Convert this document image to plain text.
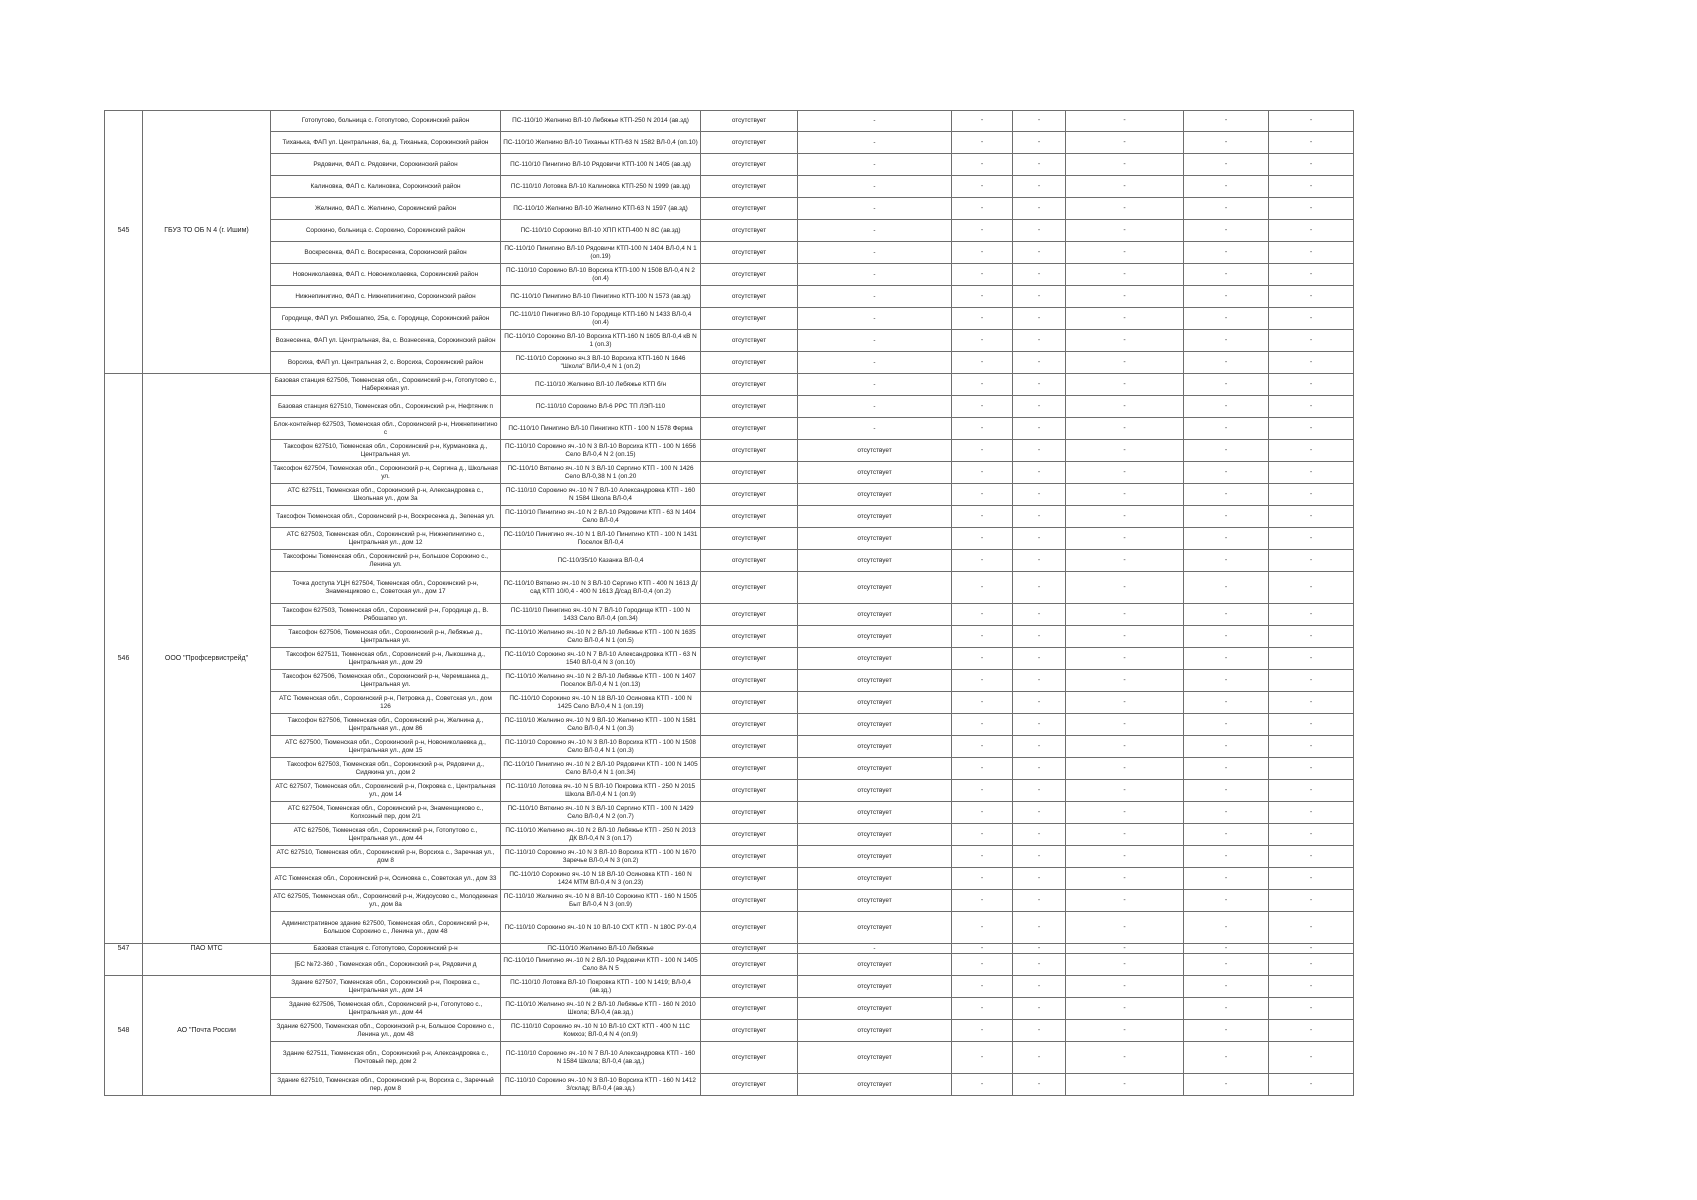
		Готопутово, больница с. Готопутово, Сорокинский район	ПС-110/10 Желнино ВЛ-10 Лебяжье КТП-250 N 2014 (ав.зд)	отсутствует	-	-	-	-	-	-
		Тиханька, ФАП ул. Центральная, 6а, д. Тиханька, Сорокинский район	ПС-110/10 Желнино ВЛ-10 Тиханьы КТП-63 N 1582 ВЛ-0,4 (оп.10)	отсутствует	-	-	-	-	-	-
		Рядовичи, ФАП с. Рядовичи, Сорокинский район	ПС-110/10 Пинигино ВЛ-10 Рядовичи КТП-100 N 1405 (ав.зд)	отсутствует	-	-	-	-	-	-
		Калиновка, ФАП с. Калиновка, Сорокинский район	ПС-110/10 Лотовка ВЛ-10 Калиновка КТП-250 N 1999 (ав.зд)	отсутствует	-	-	-	-	-	-
		Желнино, ФАП с. Желнино, Сорокинский район	ПС-110/10 Желнино ВЛ-10 Желнино КТП-63 N 1597 (ав.зд)	отсутствует	-	-	-	-	-	-
545	ГБУЗ ТО ОБ N 4 (г. Ишим)	Сорокино, больница с. Сорокино, Сорокинский район	ПС-110/10 Сорокино ВЛ-10 ХПП КТП-400 N 8С (ав.зд)	отсутствует	-	-	-	-	-	-
		Воскресенка, ФАП с. Воскресенка, Сорокинский район	ПС-110/10 Пинигино ВЛ-10 Рядовичи КТП-100 N 1404 ВЛ-0,4 N 1 (оп.19)	отсутствует	-	-	-	-	-	-
		Новониколаевка, ФАП с. Новониколаевка, Сорокинский район	ПС-110/10 Сорокино ВЛ-10 Ворсиха КТП-100 N 1508 ВЛ-0,4 N 2 (оп.4)	отсутствует	-	-	-	-	-	-
		Нижнепинигино, ФАП с. Нижнепинигино, Сорокинский район	ПС-110/10 Пинигино ВЛ-10 Пинигино КТП-100 N 1573 (ав.зд)	отсутствует	-	-	-	-	-	-
		Городище, ФАП ул. Рябошапко, 25а, с. Городище, Сорокинский район	ПС-110/10 Пинигино ВЛ-10 Городище КТП-160 N 1433 ВЛ-0,4 (оп.4)	отсутствует	-	-	-	-	-	-
		Вознесенка, ФАП ул. Центральная, 8а, с. Вознесенка, Сорокинский район	ПС-110/10 Сорокино ВЛ-10 Ворсиха КТП-160 N 1605 ВЛ-0,4 кВ N 1 (оп.3)	отсутствует	-	-	-	-	-	-
		Ворсиха, ФАП ул. Центральная 2, с. Ворсиха, Сорокинский район	ПС-110/10 Сорокино яч.3 ВЛ-10 Ворсиха КТП-160 N 1646 "Школа" ВЛИ-0,4 N 1 (оп.2)	отсутствует	-	-	-	-	-	-
		Базовая станция 627506, Тюменская обл., Сорокинский р-н, Готопутово с., Набережная ул.	ПС-110/10 Желнино ВЛ-10 Лебяжье КТП б/н	отсутствует	-	-	-	-	-	-
		Базовая станция 627510, Тюменская обл., Сорокинский р-н, Нефтяник п	ПС-110/10 Сорокино ВЛ-6 РРС ТП ЛЭП-110	отсутствует	-	-	-	-	-	-
		Блок-контейнер 627503, Тюменская обл., Сорокинский р-н, Нижнепинигино с	ПС-110/10 Пинигино ВЛ-10 Пинигино КТП - 100 N 1578 Ферма	отсутствует	-	-	-	-	-	-
		Таксофон 627510, Тюменская обл., Сорокинский р-н, Курмановка д., Центральная ул.	ПС-110/10 Сорокино яч.-10 N 3 ВЛ-10 Ворсиха КТП - 100 N 1656 Село ВЛ-0,4 N 2 (оп.15)	отсутствует	отсутствует	-	-	-	-	-
		Таксофон 627504, Тюменская обл., Сорокинский р-н, Сергина д., Школьная ул.	ПС-110/10 Вяткино яч.-10 N 3 ВЛ-10 Сергино КТП - 100 N 1426 Село ВЛ-0,38 N 1 (оп.20	отсутствует	отсутствует	-	-	-	-	-
		АТС 627511, Тюменская обл., Сорокинский р-н, Александровка с., Школьная ул., дом 3а	ПС-110/10 Сорокино яч.-10 N 7 ВЛ-10 Александровка КТП - 160 N 1584 Школа ВЛ-0,4	отсутствует	отсутствует	-	-	-	-	-
		Таксофон Тюменская обл., Сорокинский р-н, Воскресенка д., Зеленая ул.	ПС-110/10 Пинигино яч.-10 N 2 ВЛ-10 Рядовичи КТП - 63 N 1404 Село ВЛ-0,4	отсутствует	отсутствует	-	-	-	-	-
		АТС 627503, Тюменская обл., Сорокинский р-н, Нижнепинигино с., Центральная ул., дом 12	ПС-110/10 Пинигино яч.-10 N 1 ВЛ-10 Пинигино КТП - 100 N 1431 Поселок ВЛ-0,4	отсутствует	отсутствует	-	-	-	-	-
		Таксофоны Тюменская обл., Сорокинский р-н, Большое Сорокино с., Ленина ул.	ПС-110/35/10 Казанка ВЛ-0,4	отсутствует	отсутствует	-	-	-	-	-
		Точка доступа УЦН 627504, Тюменская обл., Сорокинский р-н, Знаменщиково с., Советская ул., дом 17	ПС-110/10 Вяткино яч.-10 N 3 ВЛ-10 Сергино КТП - 400 N 1613 Д/сад КТП 10/0,4 - 400 N 1613 Д/сад ВЛ-0,4 (оп.2)	отсутствует	отсутствует	-	-	-	-	-
		Таксофон 627503, Тюменская обл., Сорокинский р-н, Городище д., В. Рябошапко ул.	ПС-110/10 Пинигино яч.-10 N 7 ВЛ-10 Городище КТП - 100 N 1433 Село ВЛ-0,4 (оп.34)	отсутствует	отсутствует	-	-	-	-	-
		Таксофон 627506, Тюменская обл., Сорокинский р-н, Лебяжье д., Центральная ул.	ПС-110/10 Желнино яч.-10 N 2 ВЛ-10 Лебяжье КТП - 100 N 1635 Село ВЛ-0,4 N 1 (оп.5)	отсутствует	отсутствует	-	-	-	-	-
546	ООО "Профсервистрейд"	Таксофон 627511, Тюменская обл., Сорокинский р-н, Лыкошина д., Центральная ул., дом 29	ПС-110/10 Сорокино яч.-10 N 7 ВЛ-10 Александровка КТП - 63 N 1540 ВЛ-0,4 N 3 (оп.10)	отсутствует	отсутствует	-	-	-	-	-
		Таксофон 627506, Тюменская обл., Сорокинский р-н, Черемшанка д., Центральная ул.	ПС-110/10 Желнино яч.-10 N 2 ВЛ-10 Лебяжье КТП - 100 N 1407 Поселок ВЛ-0,4 N 1 (оп.13)	отсутствует	отсутствует	-	-	-	-	-
		АТС Тюменская обл., Сорокинский р-н, Петровка д., Советская ул., дом 126	ПС-110/10 Сорокино яч.-10 N 18 ВЛ-10 Осиновка КТП - 100 N 1425 Село ВЛ-0,4 N 1 (оп.19)	отсутствует	отсутствует	-	-	-	-	-
		Таксофон 627506, Тюменская обл., Сорокинский р-н, Желнина д., Центральная ул., дом 86	ПС-110/10 Желнино яч.-10 N 9 ВЛ-10 Желнино КТП - 100 N 1581 Село ВЛ-0,4 N 1 (оп.3)	отсутствует	отсутствует	-	-	-	-	-
		АТС 627500, Тюменская обл., Сорокинский р-н, Новониколаевка д., Центральная ул., дом 15	ПС-110/10 Сорокино яч.-10 N 3 ВЛ-10 Ворсиха КТП - 100 N 1508 Село ВЛ-0,4 N 1 (оп.3)	отсутствует	отсутствует	-	-	-	-	-
		Таксофон 627503, Тюменская обл., Сорокинский р-н, Рядовичи д., Сидякина ул., дом 2	ПС-110/10 Пинигино яч.-10 N 2 ВЛ-10 Рядовичи КТП - 100 N 1405 Село ВЛ-0,4 N 1 (оп.34)	отсутствует	отсутствует	-	-	-	-	-
		АТС 627507, Тюменская обл., Сорокинский р-н, Покровка с., Центральная ул., дом 14	ПС-110/10 Лотовка яч.-10 N 5 ВЛ-10 Покровка КТП - 250 N 2015 Школа ВЛ-0,4 N 1 (оп.9)	отсутствует	отсутствует	-	-	-	-	-
		АТС 627504, Тюменская обл., Сорокинский р-н, Знаменщиково с., Колхозный пер, дом 2/1	ПС-110/10 Вяткино яч.-10 N 3 ВЛ-10 Сергино КТП - 100 N 1429 Село ВЛ-0,4 N 2 (оп.7)	отсутствует	отсутствует	-	-	-	-	-
		АТС 627506, Тюменская обл., Сорокинский р-н, Готопутово с., Центральная ул., дом 44	ПС-110/10 Желнино яч.-10 N 2 ВЛ-10 Лебяжье КТП - 250 N 2013 ДК ВЛ-0,4 N 3 (оп.17)	отсутствует	отсутствует	-	-	-	-	-
		АТС 627510, Тюменская обл., Сорокинский р-н, Ворсиха с., Заречная ул., дом 8	ПС-110/10 Сорокино яч.-10 N 3 ВЛ-10 Ворсиха КТП - 100 N 1670 Заречье ВЛ-0,4 N 3 (оп.2)	отсутствует	отсутствует	-	-	-	-	-
		АТС Тюменская обл., Сорокинский р-н, Осиновка с., Советская ул., дом 33	ПС-110/10 Сорокино яч.-10 N 18 ВЛ-10 Осиновка КТП - 160 N 1424 МТМ ВЛ-0,4 N 3 (оп.23)	отсутствует	отсутствует	-	-	-	-	-
		АТС 627505, Тюменская обл., Сорокинский р-н, Жидоусово с., Молодежная ул., дом 8а	ПС-110/10 Желнино яч.-10 N 8 ВЛ-10 Сорокино КТП - 160 N 1505 Быт ВЛ-0,4 N 3 (оп.9)	отсутствует	отсутствует	-	-	-	-	-
		Административное здание 627500, Тюменская обл., Сорокинский р-н, Большое Сорокино с., Ленина ул., дом 48	ПС-110/10 Сорокино яч.-10 N 10 ВЛ-10 СХТ КТП - N 180С РУ-0,4	отсутствует	отсутствует	-	-	-	-	-
547	ПАО МТС	Базовая станция с. Готопутово, Сорокинский р-н	ПС-110/10 Желнино ВЛ-10 Лебяжье	отсутствует	-	-	-	-	-	-
		[БС №72-360 , Тюменская обл., Сорокинский р-н, Рядовичи д	ПС-110/10 Пинигино яч.-10 N 2 ВЛ-10 Рядовичи КТП - 100 N 1405 Село 8А N 5	отсутствует	отсутствует	-	-	-	-	-
		Здание 627507, Тюменская обл., Сорокинский р-н, Покровка с., Центральная ул., дом 14	ПС-110/10 Лотовка ВЛ-10 Покровка КТП - 100 N 1419; ВЛ-0,4 (ав.зд.)	отсутствует	отсутствует	-	-	-	-	-
		Здание 627506, Тюменская обл., Сорокинский р-н, Готопутово с., Центральная ул., дом 44	ПС-110/10 Желнино яч.-10 N 2 ВЛ-10 Лебяжье КТП - 160 N 2010 Школа; ВЛ-0,4 (ав.зд.)	отсутствует	отсутствует	-	-	-	-	-
548	АО "Почта России	Здание 627500, Тюменская обл., Сорокинский р-н, Большое Сорокино с., Ленина ул., дом 48	ПС-110/10 Сорокино яч.-10 N 10 ВЛ-10 СХТ КТП - 400 N 11С Комхоз; ВЛ-0,4 N 4 (оп.9)	отсутствует	отсутствует	-	-	-	-	-
		Здание 627511, Тюменская обл., Сорокинский р-н, Александровка с., Почтовый пер, дом 2	ПС-110/10 Сорокино яч.-10 N 7 ВЛ-10 Александровка КТП - 160 N 1584 Школа; ВЛ-0,4 (ав.зд.)	отсутствует	отсутствует	-	-	-	-	-
		Здание 627510, Тюменская обл., Сорокинский р-н, Ворсиха с., Заречный пер, дом 8	ПС-110/10 Сорокино яч.-10 N 3 ВЛ-10 Ворсиха КТП - 160 N 1412 3/склад; ВЛ-0,4 (ав.зд.)	отсутствует	отсутствует	-	-	-	-	-
